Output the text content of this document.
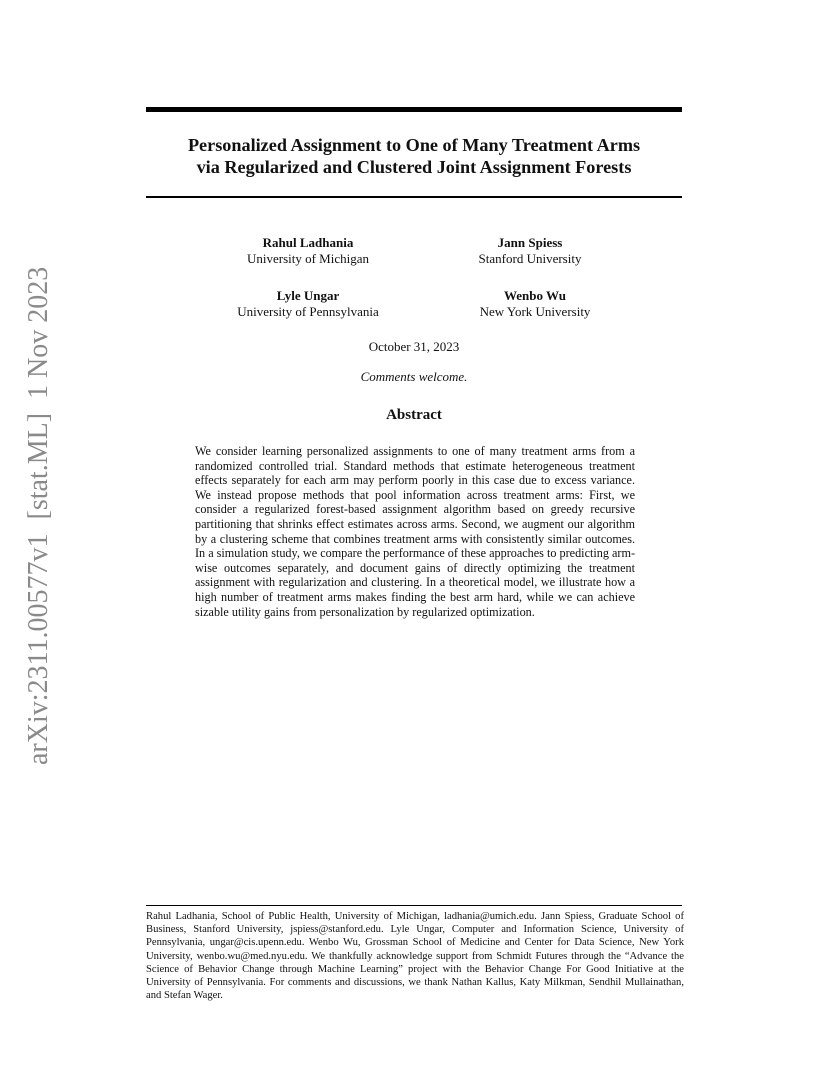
arXiv:2311.00577v1  [stat.ML]  1 Nov 2023
Personalized Assignment to One of Many Treatment Arms
via Regularized and Clustered Joint Assignment Forests
Rahul Ladhania
University of Michigan
Jann Spiess
Stanford University
Lyle Ungar
University of Pennsylvania
Wenbo Wu
New York University
October 31, 2023
Comments welcome.
Abstract
We consider learning personalized assignments to one of many treatment arms from a randomized controlled trial. Standard methods that estimate heterogeneous treatment effects separately for each arm may perform poorly in this case due to excess variance. We instead propose methods that pool information across treatment arms: First, we consider a regularized forest-based assignment algorithm based on greedy recursive partitioning that shrinks effect estimates across arms. Second, we augment our algorithm by a clustering scheme that combines treatment arms with consistently similar outcomes. In a simulation study, we compare the performance of these approaches to predicting arm-wise outcomes separately, and document gains of directly optimizing the treatment assignment with regularization and clustering. In a theoretical model, we illustrate how a high number of treatment arms makes finding the best arm hard, while we can achieve sizable utility gains from personalization by regularized optimization.
Rahul Ladhania, School of Public Health, University of Michigan, ladhania@umich.edu. Jann Spiess, Graduate School of Business, Stanford University, jspiess@stanford.edu. Lyle Ungar, Computer and Information Science, University of Pennsylvania, ungar@cis.upenn.edu. Wenbo Wu, Grossman School of Medicine and Center for Data Science, New York University, wenbo.wu@med.nyu.edu. We thankfully acknowledge support from Schmidt Futures through the “Advance the Science of Behavior Change through Machine Learning” project with the Behavior Change For Good Initiative at the University of Pennsylvania. For comments and discussions, we thank Nathan Kallus, Katy Milkman, Sendhil Mullainathan, and Stefan Wager.
